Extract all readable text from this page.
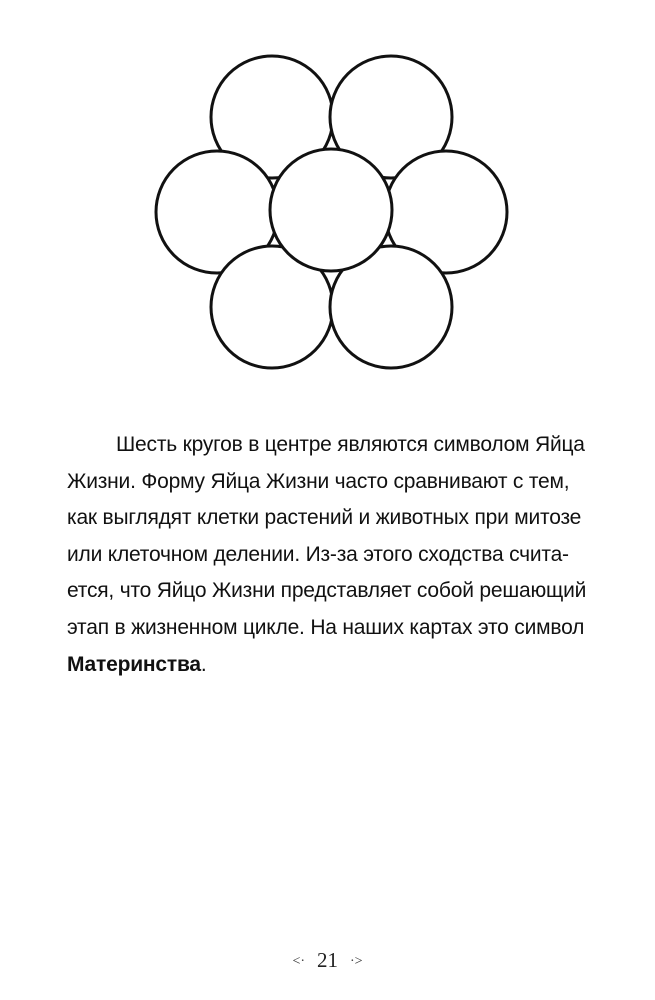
Шесть кругов в центре являются символом Яйца
Жизни. Форму Яйца Жизни часто сравнивают с тем,
как выглядят клетки растений и животных при митозе
или клеточном делении. Из-за этого сходства счита-
ется, что Яйцо Жизни представляет собой решающий
этап в жизненном цикле. На наших картах это символ
Материнства.
<· 21 ·>
